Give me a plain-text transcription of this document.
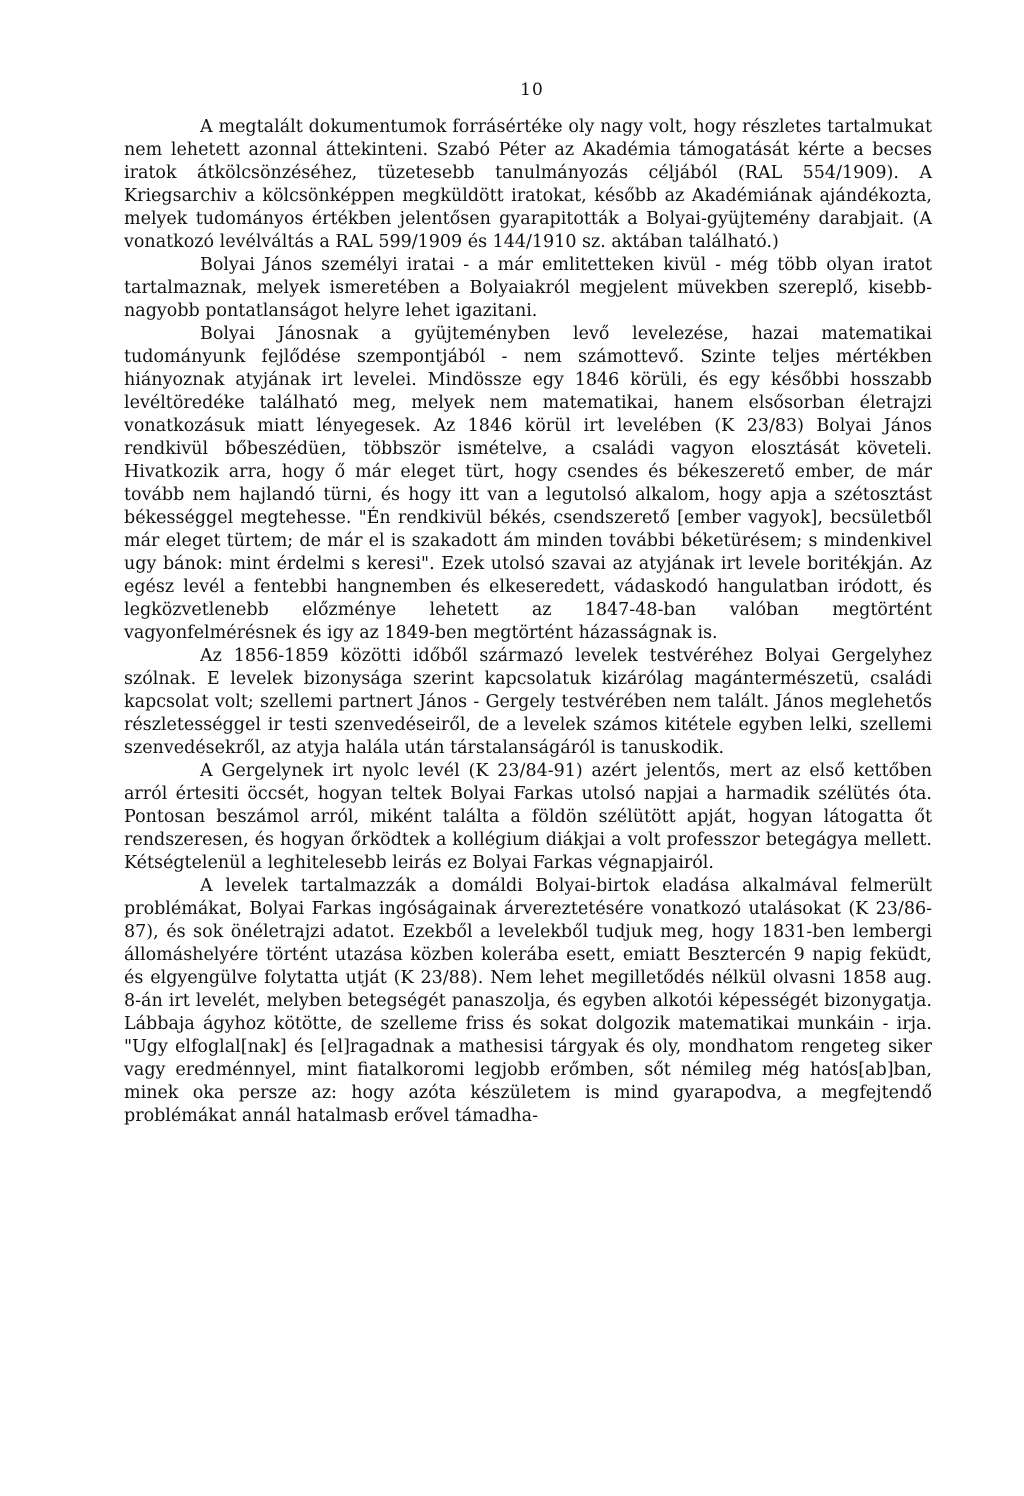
10

A megtalált dokumentumok forrásértéke oly nagy volt, hogy részletes tartalmukat nem lehetett azonnal áttekinteni. Szabó Péter az Akadémia támogatását kérte a becses iratok átkölcsönzéséhez, tüzetesebb tanulmányozás céljából (RAL 554/1909). A Kriegsarchiv a kölcsönképpen megküldött iratokat, később az Akadémiának ajándékozta, melyek tudományos értékben jelentősen gyarapitották a Bolyai-gyüjtemény darabjait. (A vonatkozó levélváltás a RAL 599/1909 és 144/1910 sz. aktában található.)

Bolyai János személyi iratai - a már emlitetteken kivül - még több olyan iratot tartalmaznak, melyek ismeretében a Bolyaiakról megjelent müvekben szereplő, kisebb-nagyobb pontatlanságot helyre lehet igazitani.

Bolyai Jánosnak a gyüjteményben levő levelezése, hazai matematikai tudományunk fejlődése szempontjából - nem számottevő. Szinte teljes mértékben hiányoznak atyjának irt levelei. Mindössze egy 1846 körüli, és egy későbbi hosszabb levéltöredéke található meg, melyek nem matematikai, hanem elsősorban életrajzi vonatkozásuk miatt lényegesek. Az 1846 körül irt levelében (K 23/83) Bolyai János rendkivül bőbeszédüen, többször ismételve, a családi vagyon elosztását követeli. Hivatkozik arra, hogy ő már eleget türt, hogy csendes és békeszerető ember, de már tovább nem hajlandó türni, és hogy itt van a legutolsó alkalom, hogy apja a szétosztást békességgel megtehesse. "Én rendkivül békés, csendszerető [ember vagyok], becsületből már eleget türtem; de már el is szakadott ám minden további béketürésem; s mindenkivel ugy bánok: mint érdelmi s keresi". Ezek utolsó szavai az atyjának irt levele boritékján. Az egész levél a fentebbi hangnemben és elkeseredett, vádaskodó hangulatban iródott, és legközvetlenebb előzménye lehetett az 1847-48-ban valóban megtörtént vagyonfelmérésnek és igy az 1849-ben megtörtént házasságnak is.

Az 1856-1859 közötti időből származó levelek testvéréhez Bolyai Gergelyhez szólnak. E levelek bizonysága szerint kapcsolatuk kizárólag magántermészetü, családi kapcsolat volt; szellemi partnert János - Gergely testvérében nem talált. János meglehetős részletességgel ir testi szenvedéseiről, de a levelek számos kitétele egyben lelki, szellemi szenvedésekről, az atyja halála után társtalanságáról is tanuskodik.

A Gergelynek irt nyolc levél (K 23/84-91) azért jelentős, mert az első kettőben arról értesiti öccsét, hogyan teltek Bolyai Farkas utolsó napjai a harmadik szélütés óta. Pontosan beszámol arról, miként találta a földön szélütött apját, hogyan látogatta őt rendszeresen, és hogyan őrködtek a kollégium diákjai a volt professzor betegágya mellett. Kétségtelenül a leghitelesebb leirás ez Bolyai Farkas végnapjairól.

A levelek tartalmazzák a domáldi Bolyai-birtok eladása alkalmával felmerült problémákat, Bolyai Farkas ingóságainak árvereztetésére vonatkozó utalásokat (K 23/86-87), és sok önéletrajzi adatot. Ezekből a levelekből tudjuk meg, hogy 1831-ben lembergi állomáshelyére történt utazása közben kolerába esett, emiatt Besztercén 9 napig feküdt, és elgyengülve folytatta utját (K 23/88). Nem lehet megilletődés nélkül olvasni 1858 aug. 8-án irt levelét, melyben betegségét panaszolja, és egyben alkotói képességét bizonygatja. Lábbaja ágyhoz kötötte, de szelleme friss és sokat dolgozik matematikai munkáin - irja. "Ugy elfoglal[nak] és [el]ragadnak a mathesisi tárgyak és oly, mondhatom rengeteg siker vagy eredménnyel, mint fiatalkoromi legjobb erőmben, sőt némileg még hatós[ab]ban, minek oka persze az: hogy azóta készületem is mind gyarapodva, a megfejtendő problémákat annál hatalmasb erővel támadha-
